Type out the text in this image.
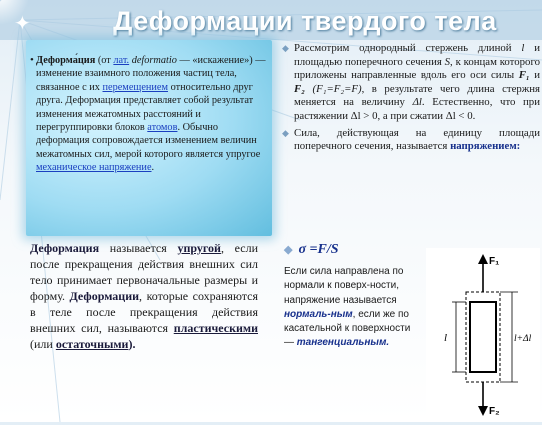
✦	Деформации твердого тела
• Деформа́ция (от лат. deformatio — «искажение») — изменение взаимного положения частиц тела, связанное с их перемещением относительно друг друга. Деформация представляет собой результат изменения межатомных расстояний и перегруппировки блоков атомов. Обычно деформация сопровождается изменением величин межатомных сил, мерой которого является упругое механическое напряжение.
Деформация называется упругой, если после прекращения действия внешних сил тело принимает первоначальные размеры и форму. Деформации, которые сохраняются в теле после прекращения действия внешних сил, называются пластическими (или остаточными).
◆ Рассмотрим однородный стержень длиной l и площадью поперечного сечения S, к концам которого приложены направленные вдоль его оси силы F₁ и F₂ (F₁=F₂=F), в результате чего длина стержня меняется на величину Δl. Естественно, что при растяжении Δl > 0, а при сжатии Δl < 0.
◆ Сила, действующая на единицу площади поперечного сечения, называется напряжением:
◆ σ =F/S
Если сила направлена по нормали к поверх-ности, напряжение называется нормаль-ным, если же по касательной к поверхности — тангенциальным.
F₁
F₂
l	l+Δl
